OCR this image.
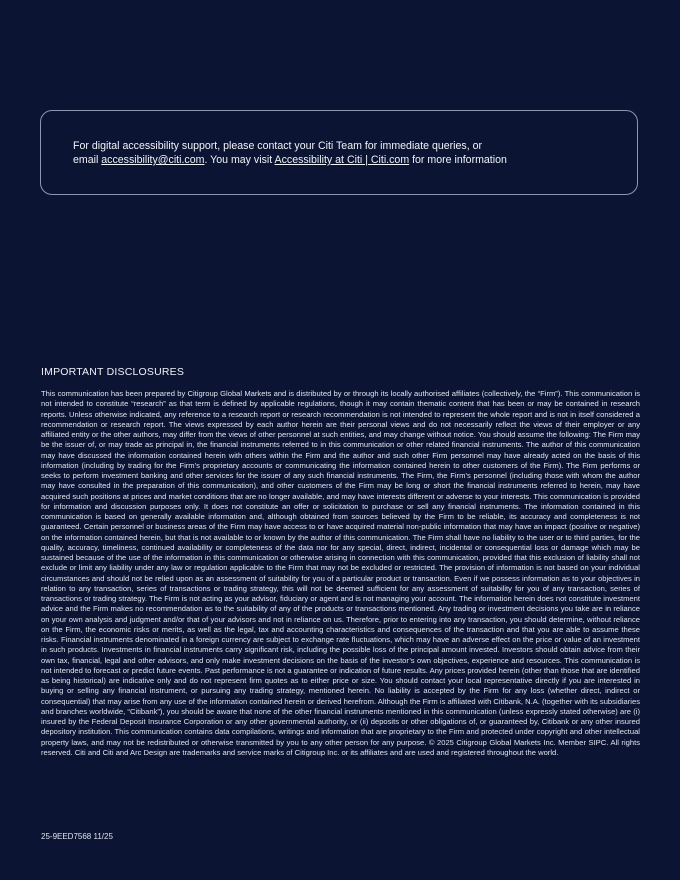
For digital accessibility support, please contact your Citi Team for immediate queries, or
email accessibility@citi.com. You may visit Accessibility at Citi | Citi.com for more information
IMPORTANT DISCLOSURES
This communication has been prepared by Citigroup Global Markets and is distributed by or through its locally authorised affiliates (collectively, the “Firm”). This communication is not intended to constitute “research” as that term is defined by applicable regulations, though it may contain thematic content that has been or may be contained in research reports. Unless otherwise indicated, any reference to a research report or research recommendation is not intended to represent the whole report and is not in itself considered a recommendation or research report. The views expressed by each author herein are their personal views and do not necessarily reflect the views of their employer or any affiliated entity or the other authors, may differ from the views of other personnel at such entities, and may change without notice. You should assume the following: The Firm may be the issuer of, or may trade as principal in, the financial instruments referred to in this communication or other related financial instruments. The author of this communication may have discussed the information contained herein with others within the Firm and the author and such other Firm personnel may have already acted on the basis of this information (including by trading for the Firm’s proprietary accounts or communicating the information contained herein to other customers of the Firm). The Firm performs or seeks to perform investment banking and other services for the issuer of any such financial instruments. The Firm, the Firm’s personnel (including those with whom the author may have consulted in the preparation of this communication), and other customers of the Firm may be long or short the financial instruments referred to herein, may have acquired such positions at prices and market conditions that are no longer available, and may have interests different or adverse to your interests. This communication is provided for information and discussion purposes only. It does not constitute an offer or solicitation to purchase or sell any financial instruments. The information contained in this communication is based on generally available information and, although obtained from sources believed by the Firm to be reliable, its accuracy and completeness is not guaranteed. Certain personnel or business areas of the Firm may have access to or have acquired material non-public information that may have an impact (positive or negative) on the information contained herein, but that is not available to or known by the author of this communication. The Firm shall have no liability to the user or to third parties, for the quality, accuracy, timeliness, continued availability or completeness of the data nor for any special, direct, indirect, incidental or consequential loss or damage which may be sustained because of the use of the information in this communication or otherwise arising in connection with this communication, provided that this exclusion of liability shall not exclude or limit any liability under any law or regulation applicable to the Firm that may not be excluded or restricted. The provision of information is not based on your individual circumstances and should not be relied upon as an assessment of suitability for you of a particular product or transaction. Even if we possess information as to your objectives in relation to any transaction, series of transactions or trading strategy, this will not be deemed sufficient for any assessment of suitability for you of any transaction, series of transactions or trading strategy. The Firm is not acting as your advisor, fiduciary or agent and is not managing your account. The information herein does not constitute investment advice and the Firm makes no recommendation as to the suitability of any of the products or transactions mentioned. Any trading or investment decisions you take are in reliance on your own analysis and judgment and/or that of your advisors and not in reliance on us. Therefore, prior to entering into any transaction, you should determine, without reliance on the Firm, the economic risks or merits, as well as the legal, tax and accounting characteristics and consequences of the transaction and that you are able to assume these risks. Financial instruments denominated in a foreign currency are subject to exchange rate fluctuations, which may have an adverse effect on the price or value of an investment in such products. Investments in financial instruments carry significant risk, including the possible loss of the principal amount invested. Investors should obtain advice from their own tax, financial, legal and other advisors, and only make investment decisions on the basis of the investor’s own objectives, experience and resources. This communication is not intended to forecast or predict future events. Past performance is not a guarantee or indication of future results. Any prices provided herein (other than those that are identified as being historical) are indicative only and do not represent firm quotes as to either price or size. You should contact your local representative directly if you are interested in buying or selling any financial instrument, or pursuing any trading strategy, mentioned herein. No liability is accepted by the Firm for any loss (whether direct, indirect or consequential) that may arise from any use of the information contained herein or derived herefrom. Although the Firm is affiliated with Citibank, N.A. (together with its subsidiaries and branches worldwide, “Citibank”), you should be aware that none of the other financial instruments mentioned in this communication (unless expressly stated otherwise) are (i) insured by the Federal Deposit Insurance Corporation or any other governmental authority, or (ii) deposits or other obligations of, or guaranteed by, Citibank or any other insured depository institution. This communication contains data compilations, writings and information that are proprietary to the Firm and protected under copyright and other intellectual property laws, and may not be redistributed or otherwise transmitted by you to any other person for any purpose. © 2025 Citigroup Global Markets Inc. Member SIPC. All rights reserved. Citi and Citi and Arc Design are trademarks and service marks of Citigroup Inc. or its affiliates and are used and registered throughout the world.
25-9EED7568 11/25
